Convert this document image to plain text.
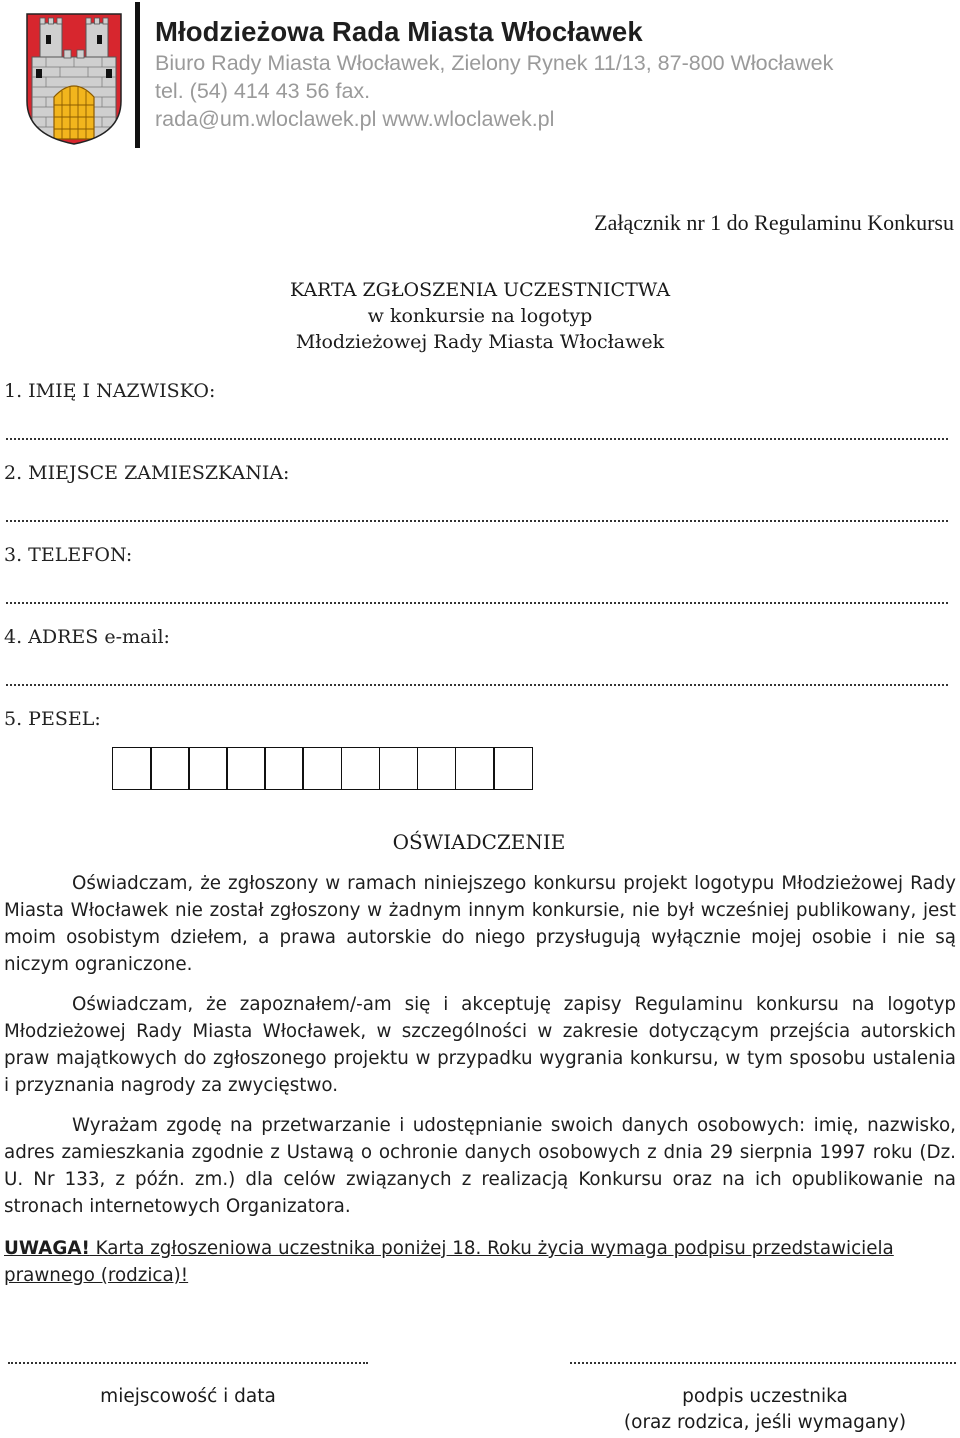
Młodzieżowa Rada Miasta Włocławek
Biuro Rady Miasta Włocławek, Zielony Rynek 11/13, 87-800 Włocławek
tel. (54) 414 43 56 fax.
rada@um.wloclawek.pl www.wloclawek.pl
Załącznik nr 1 do Regulaminu Konkursu
KARTA ZGŁOSZENIA UCZESTNICTWA
w konkursie na logotyp
Młodzieżowej Rady Miasta Włocławek
1. IMIĘ I NAZWISKO:
2. MIEJSCE ZAMIESZKANIA:
3. TELEFON:
4. ADRES e-mail:
5. PESEL:
OŚWIADCZENIE
Oświadczam, że zgłoszony w ramach niniejszego konkursu projekt logotypu Młodzieżowej Rady Miasta Włocławek nie został zgłoszony w żadnym innym konkursie, nie był wcześniej publikowany, jest moim osobistym dziełem, a prawa autorskie do niego przysługują wyłącznie mojej osobie i nie są niczym ograniczone.
Oświadczam, że zapoznałem/-am się i akceptuję zapisy Regulaminu konkursu na logotyp Młodzieżowej Rady Miasta Włocławek, w szczególności w zakresie dotyczącym przejścia autorskich praw majątkowych do zgłoszonego projektu w przypadku wygrania konkursu, w tym sposobu ustalenia i przyznania nagrody za zwycięstwo.
Wyrażam zgodę na przetwarzanie i udostępnianie swoich danych osobowych: imię, nazwisko, adres zamieszkania zgodnie z Ustawą o ochronie danych osobowych z dnia 29 sierpnia 1997 roku (Dz. U. Nr 133, z późn. zm.) dla celów związanych z realizacją Konkursu oraz na ich opublikowanie na stronach internetowych Organizatora.
UWAGA! Karta zgłoszeniowa uczestnika poniżej 18. Roku życia wymaga podpisu przedstawiciela prawnego (rodzica)!
miejscowość i data	podpis uczestnika
(oraz rodzica, jeśli wymagany)
